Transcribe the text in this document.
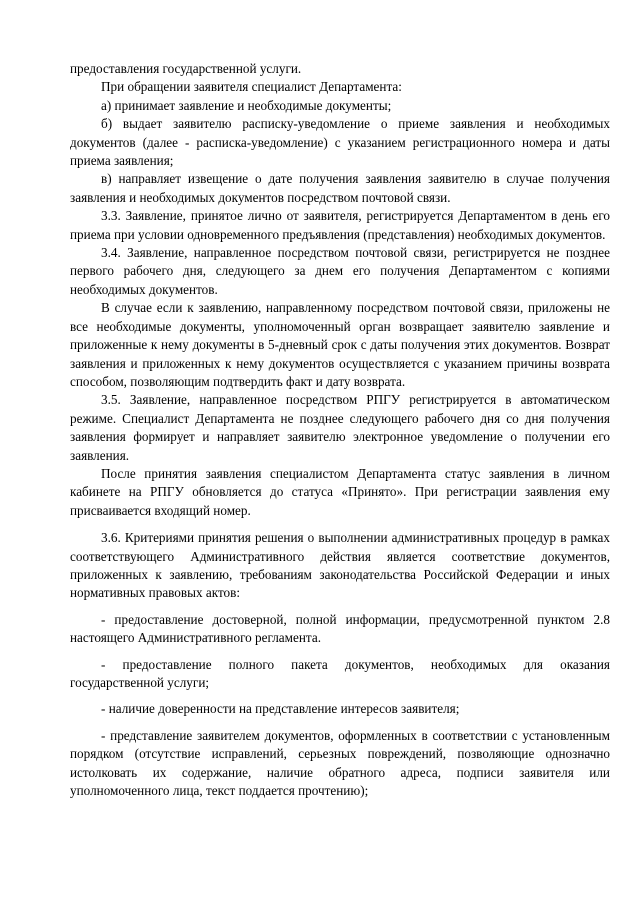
предоставления государственной услуги.

При обращении заявителя специалист Департамента:

а) принимает заявление и необходимые документы;

б) выдает заявителю расписку-уведомление о приеме заявления и необходимых документов (далее - расписка-уведомление) с указанием регистрационного номера и даты приема заявления;

в) направляет извещение о дате получения заявления заявителю в случае получения заявления и необходимых документов посредством почтовой связи.

3.3. Заявление, принятое лично от заявителя, регистрируется Департаментом в день его приема при условии одновременного предъявления (представления) необходимых документов.

3.4. Заявление, направленное посредством почтовой связи, регистрируется не позднее первого рабочего дня, следующего за днем его получения Департаментом с копиями необходимых документов.

В случае если к заявлению, направленному посредством почтовой связи, приложены не все необходимые документы, уполномоченный орган возвращает заявителю заявление и приложенные к нему документы в 5-дневный срок с даты получения этих документов. Возврат заявления и приложенных к нему документов осуществляется с указанием причины возврата способом, позволяющим подтвердить факт и дату возврата.

3.5. Заявление, направленное посредством РПГУ регистрируется в автоматическом режиме. Специалист Департамента не позднее следующего рабочего дня со дня получения заявления формирует и направляет заявителю электронное уведомление о получении его заявления.

После принятия заявления специалистом Департамента статус заявления в личном кабинете на РПГУ обновляется до статуса «Принято». При регистрации заявления ему присваивается входящий номер.

3.6. Критериями принятия решения о выполнении административных процедур в рамках соответствующего Административного действия является соответствие документов, приложенных к заявлению, требованиям законодательства Российской Федерации и иных нормативных правовых актов:

- предоставление достоверной, полной информации, предусмотренной пунктом 2.8 настоящего Административного регламента.

- предоставление полного пакета документов, необходимых для оказания государственной услуги;

- наличие доверенности на представление интересов заявителя;

- представление заявителем документов, оформленных в соответствии с установленным порядком (отсутствие исправлений, серьезных повреждений, позволяющие однозначно истолковать их содержание, наличие обратного адреса, подписи заявителя или уполномоченного лица, текст поддается прочтению);
